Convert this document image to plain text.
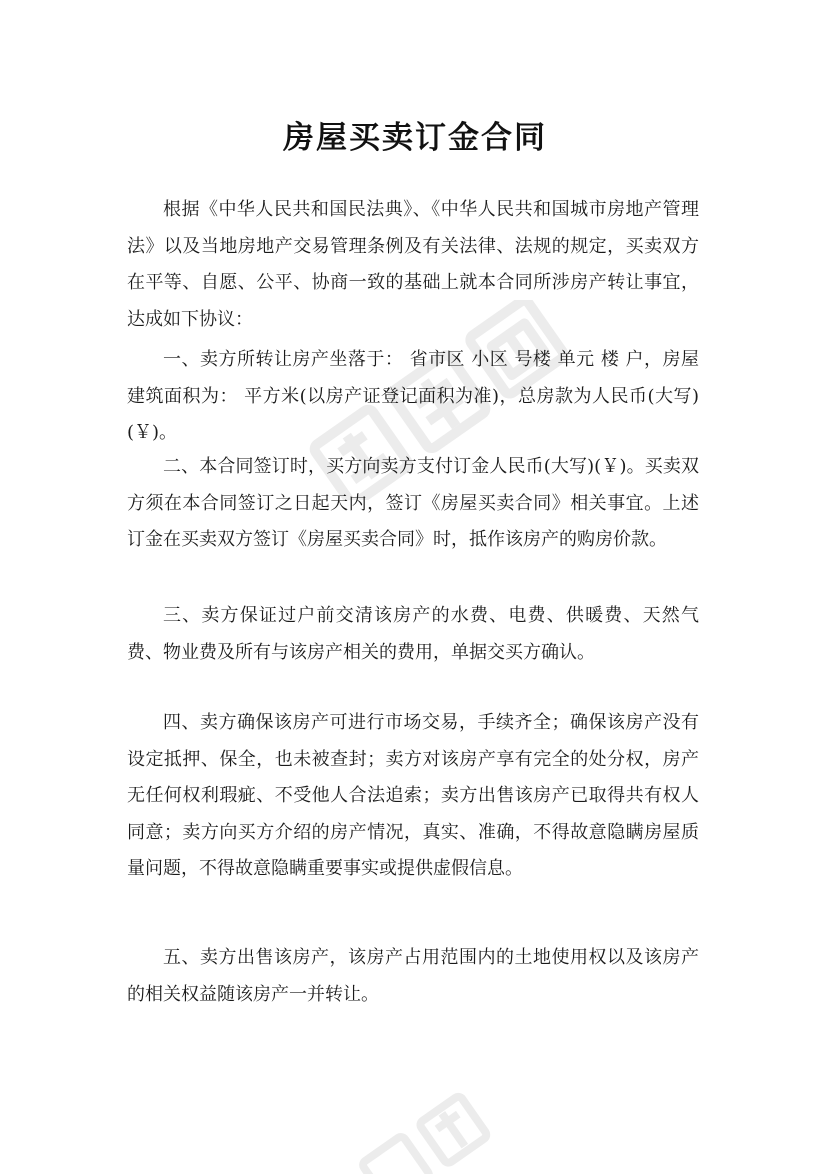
房屋买卖订金合同

根据《中华人民共和国民法典》、《中华人民共和国城市房地产管理法》以及当地房地产交易管理条例及有关法律、法规的规定，买卖双方在平等、自愿、公平、协商一致的基础上就本合同所涉房产转让事宜，达成如下协议：

一、卖方所转让房产坐落于： 省市区 小区 号楼 单元 楼 户，房屋建筑面积为： 平方米(以房产证登记面积为准)，总房款为人民币(大写) (￥)。

二、本合同签订时，买方向卖方支付订金人民币(大写)(￥)。买卖双方须在本合同签订之日起天内，签订《房屋买卖合同》相关事宜。上述订金在买卖双方签订《房屋买卖合同》时，抵作该房产的购房价款。

三、卖方保证过户前交清该房产的水费、电费、供暖费、天然气费、物业费及所有与该房产相关的费用，单据交买方确认。

四、卖方确保该房产可进行市场交易，手续齐全；确保该房产没有设定抵押、保全，也未被查封；卖方对该房产享有完全的处分权，房产无任何权利瑕疵、不受他人合法追索；卖方出售该房产已取得共有权人同意；卖方向买方介绍的房产情况，真实、准确，不得故意隐瞒房屋质量问题，不得故意隐瞒重要事实或提供虚假信息。

五、卖方出售该房产，该房产占用范围内的土地使用权以及该房产的相关权益随该房产一并转让。
